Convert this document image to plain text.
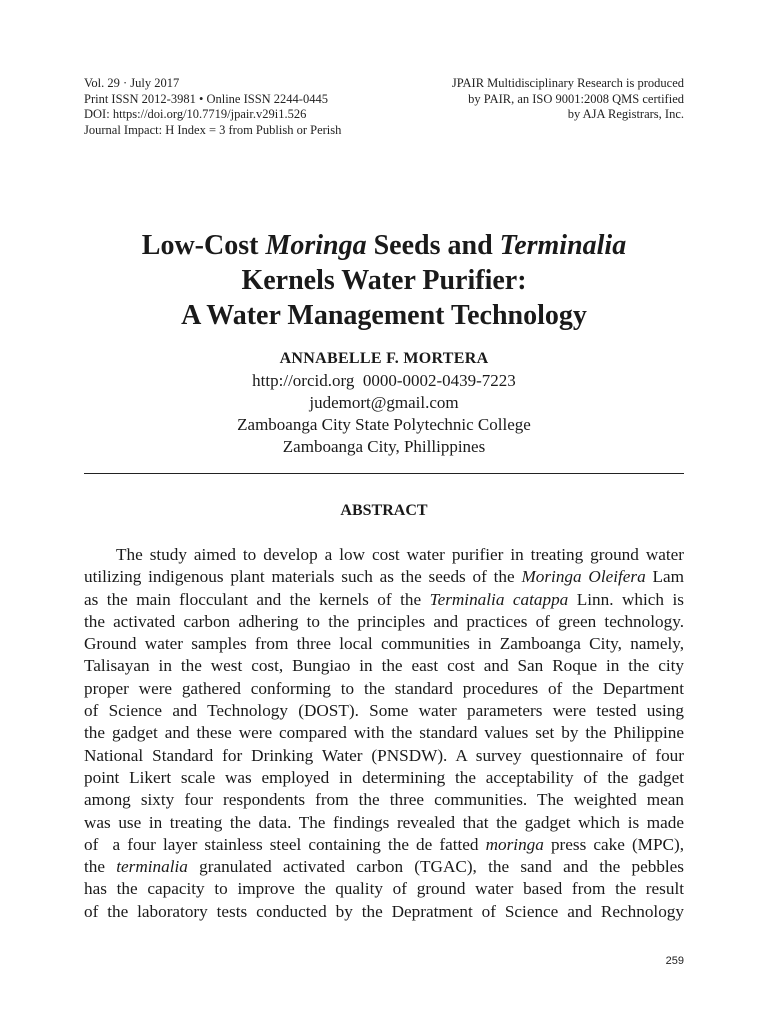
Vol. 29 · July 2017
Print ISSN 2012-3981 • Online ISSN 2244-0445
DOI: https://doi.org/10.7719/jpair.v29i1.526
Journal Impact: H Index = 3 from Publish or Perish
JPAIR Multidisciplinary Research is produced
by PAIR, an ISO 9001:2008 QMS certified
by AJA Registrars, Inc.
Low-Cost Moringa Seeds and Terminalia
Kernels Water Purifier:
A Water Management Technology
ANNABELLE F. MORTERA
http://orcid.org  0000-0002-0439-7223
judemort@gmail.com
Zamboanga City State Polytechnic College
Zamboanga City, Phillippines
ABSTRACT
The study aimed to develop a low cost water purifier in treating ground water
utilizing indigenous plant materials such as the seeds of the Moringa Oleifera Lam
as the main flocculant and the kernels of the Terminalia catappa Linn. which is
the activated carbon adhering to the principles and practices of green technology.
Ground water samples from three local communities in Zamboanga City, namely,
Talisayan in the west cost, Bungiao in the east cost and San Roque in the city
proper were gathered conforming to the standard procedures of the Department
of Science and Technology (DOST). Some water parameters were tested using
the gadget and these were compared with the standard values set by the Philippine
National Standard for Drinking Water (PNSDW). A survey questionnaire of four
point Likert scale was employed in determining the acceptability of the gadget
among sixty four respondents from the three communities. The weighted mean
was use in treating the data. The findings revealed that the gadget which is made
of  a four layer stainless steel containing the de fatted moringa press cake (MPC),
the terminalia granulated activated carbon (TGAC), the sand and the pebbles
has the capacity to improve the quality of ground water based from the result
of the laboratory tests conducted by the Depratment of Science and Rechnology
259
